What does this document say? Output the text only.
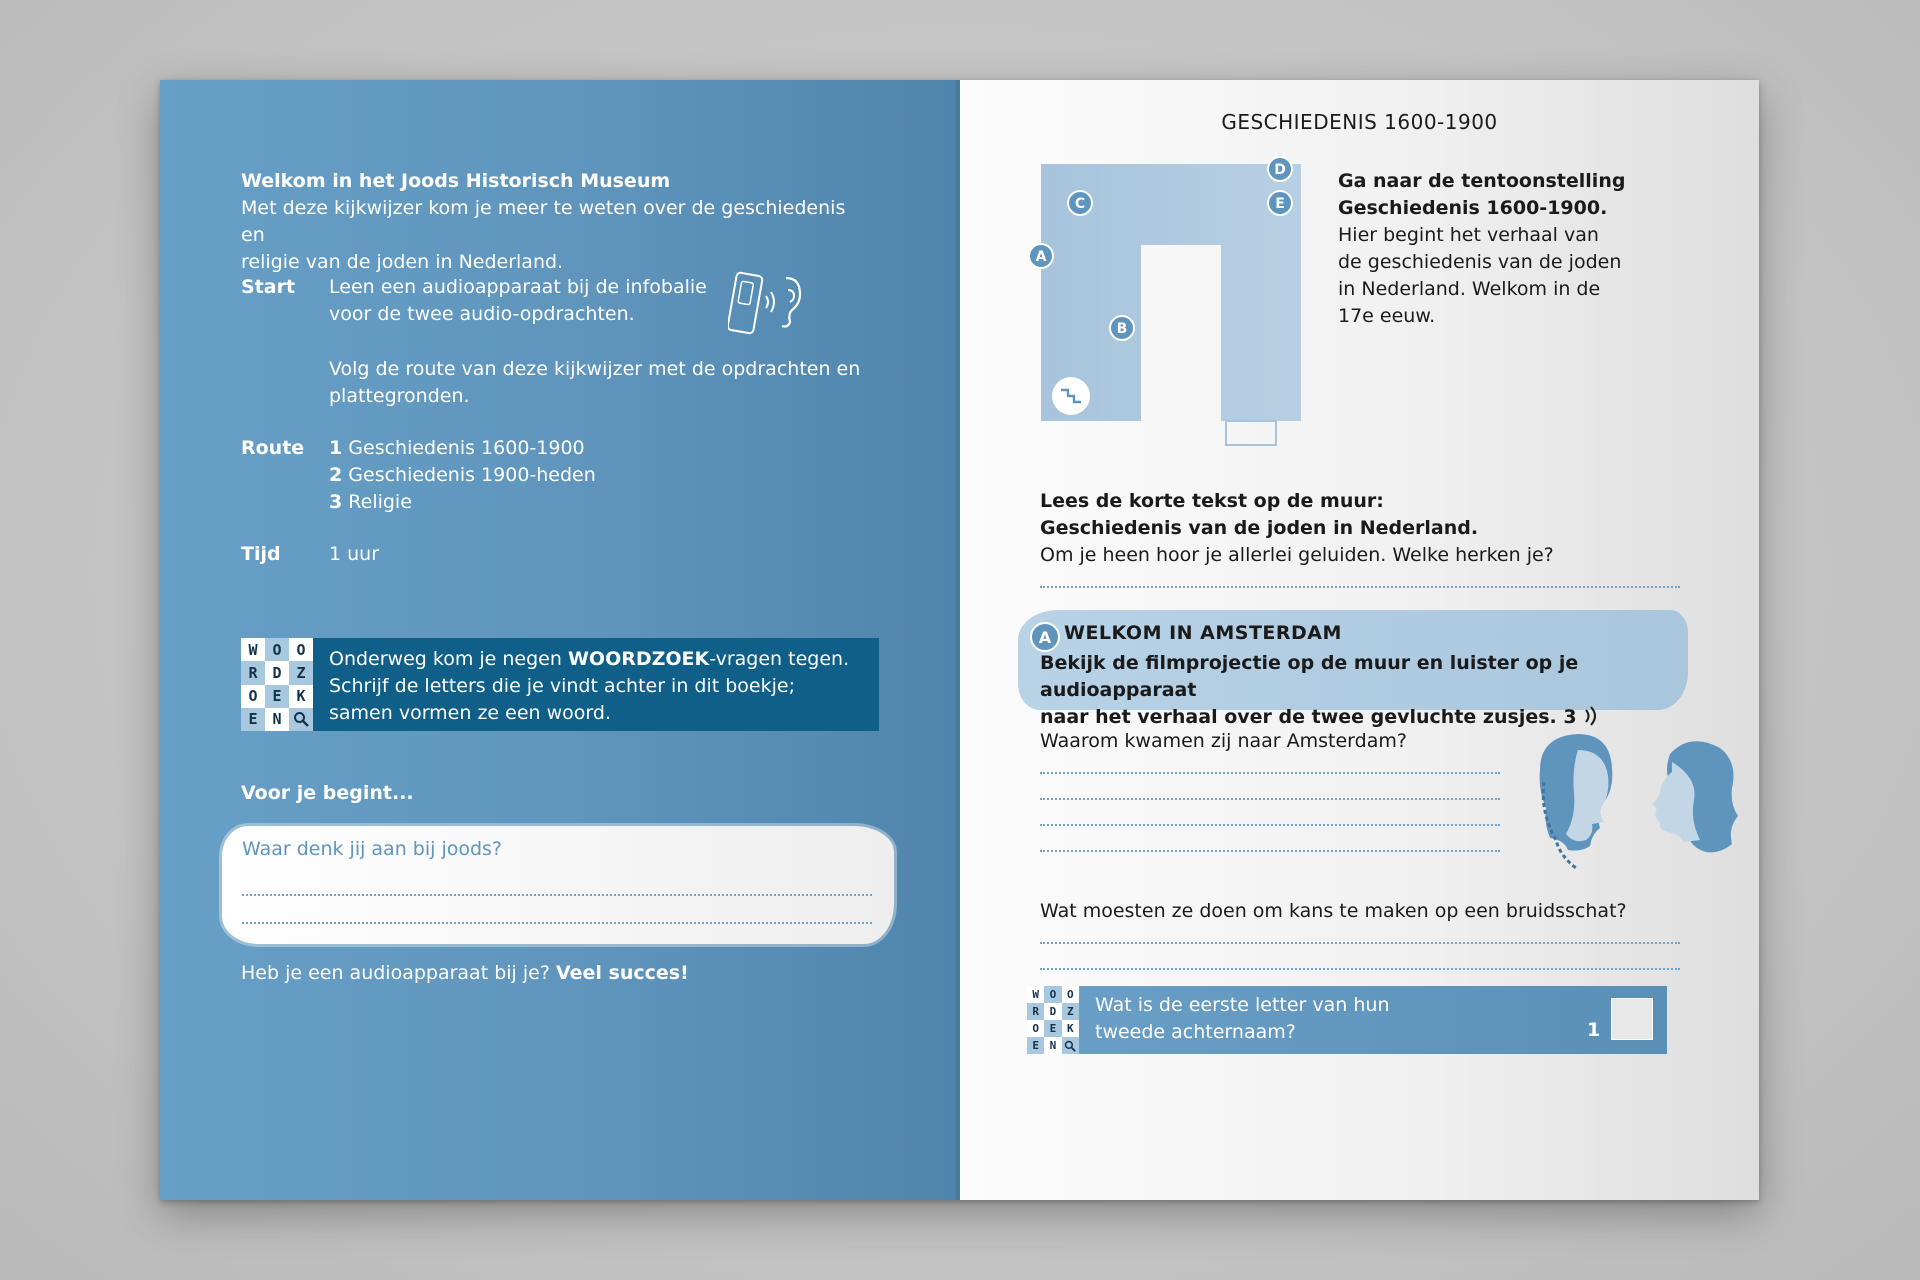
Welkom in het Joods Historisch Museum
Met deze kijkwijzer kom je meer te weten over de geschiedenis en
religie van de joden in Nederland.
Start Leen een audioapparaat bij de infobalie
voor de twee audio-opdrachten.
Volg de route van deze kijkwijzer met de opdrachten en
plattegronden.
Route 1 Geschiedenis 1600-1900
2 Geschiedenis 1900-heden
3 Religie
Tijd	1 uur
W O O
R D Z
O E K
E N
Onderweg kom je negen WOORDZOEK-vragen tegen.
Schrijf de letters die je vindt achter in dit boekje;
samen vormen ze een woord.
Voor je begint...
Waar denk jij aan bij joods?
Heb je een audioapparaat bij je? Veel succes!
GESCHIEDENIS 1600-1900
A
B
C
D
E
Ga naar de tentoonstelling
Geschiedenis 1600-1900.
Hier begint het verhaal van
de geschiedenis van de joden
in Nederland. Welkom in de
17e eeuw.
Lees de korte tekst op de muur:
Geschiedenis van de joden in Nederland.
Om je heen hoor je allerlei geluiden. Welke herken je?
A WELKOM IN AMSTERDAM
Bekijk de filmprojectie op de muur en luister op je audioapparaat
naar het verhaal over de twee gevluchte zusjes. 3
Waarom kwamen zij naar Amsterdam?
Wat moesten ze doen om kans te maken op een bruidsschat?
W O O
R D Z
O E K
E N
Wat is de eerste letter van hun
tweede achternaam?	1
